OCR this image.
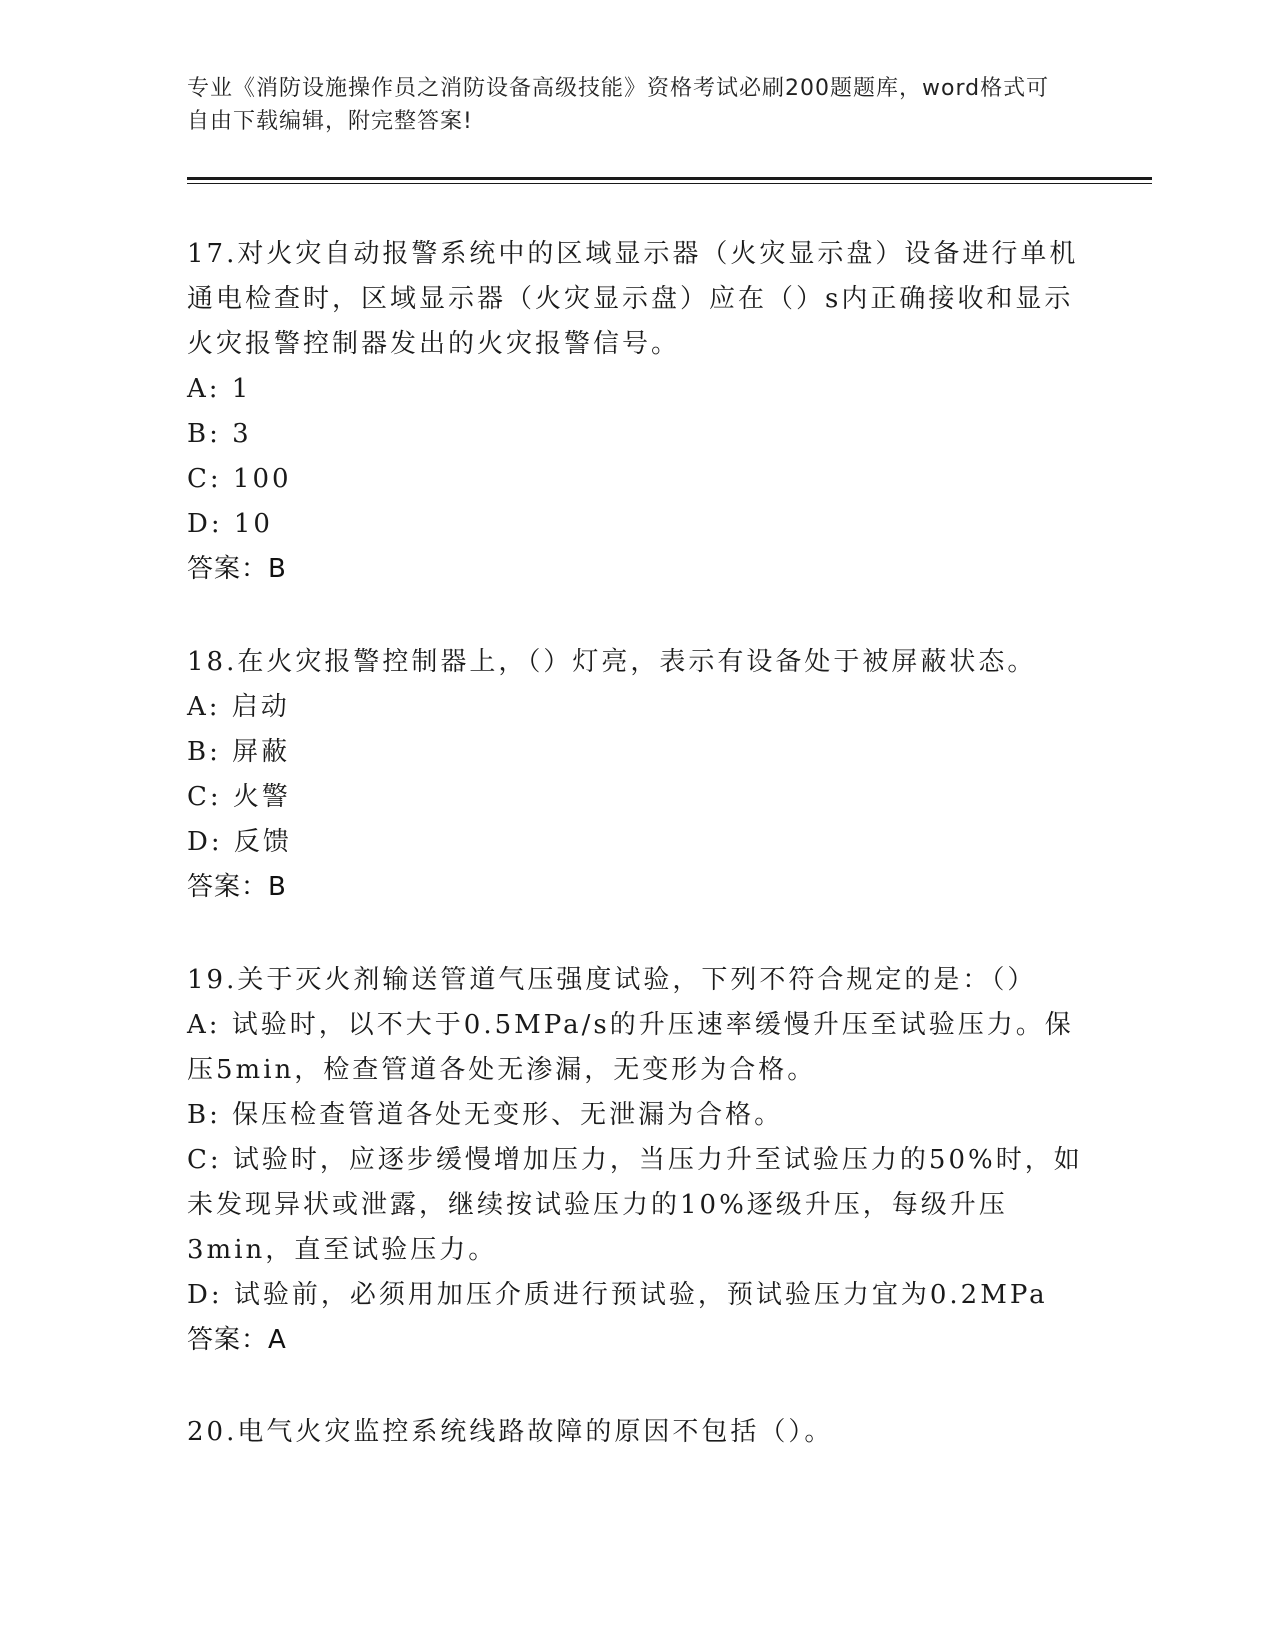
专业《消防设施操作员之消防设备高级技能》资格考试必刷200题题库，word格式可自由下载编辑，附完整答案!

17.对火灾自动报警系统中的区域显示器（火灾显示盘）设备进行单机通电检查时，区域显示器（火灾显示盘）应在（）s内正确接收和显示火灾报警控制器发出的火灾报警信号。

A: 1

B: 3

C: 100

D: 10

答案：B

18.在火灾报警控制器上，（）灯亮，表示有设备处于被屏蔽状态。

A: 启动

B: 屏蔽

C: 火警

D: 反馈

答案：B

19.关于灭火剂输送管道气压强度试验，下列不符合规定的是：（）

A: 试验时，以不大于0.5MPa/s的升压速率缓慢升压至试验压力。保压5min，检查管道各处无渗漏，无变形为合格。

B: 保压检查管道各处无变形、无泄漏为合格。

C: 试验时，应逐步缓慢增加压力，当压力升至试验压力的50%时，如未发现异状或泄露，继续按试验压力的10%逐级升压，每级升压3min，直至试验压力。

D: 试验前，必须用加压介质进行预试验，预试验压力宜为0.2MPa

答案：A

20.电气火灾监控系统线路故障的原因不包括（）。
